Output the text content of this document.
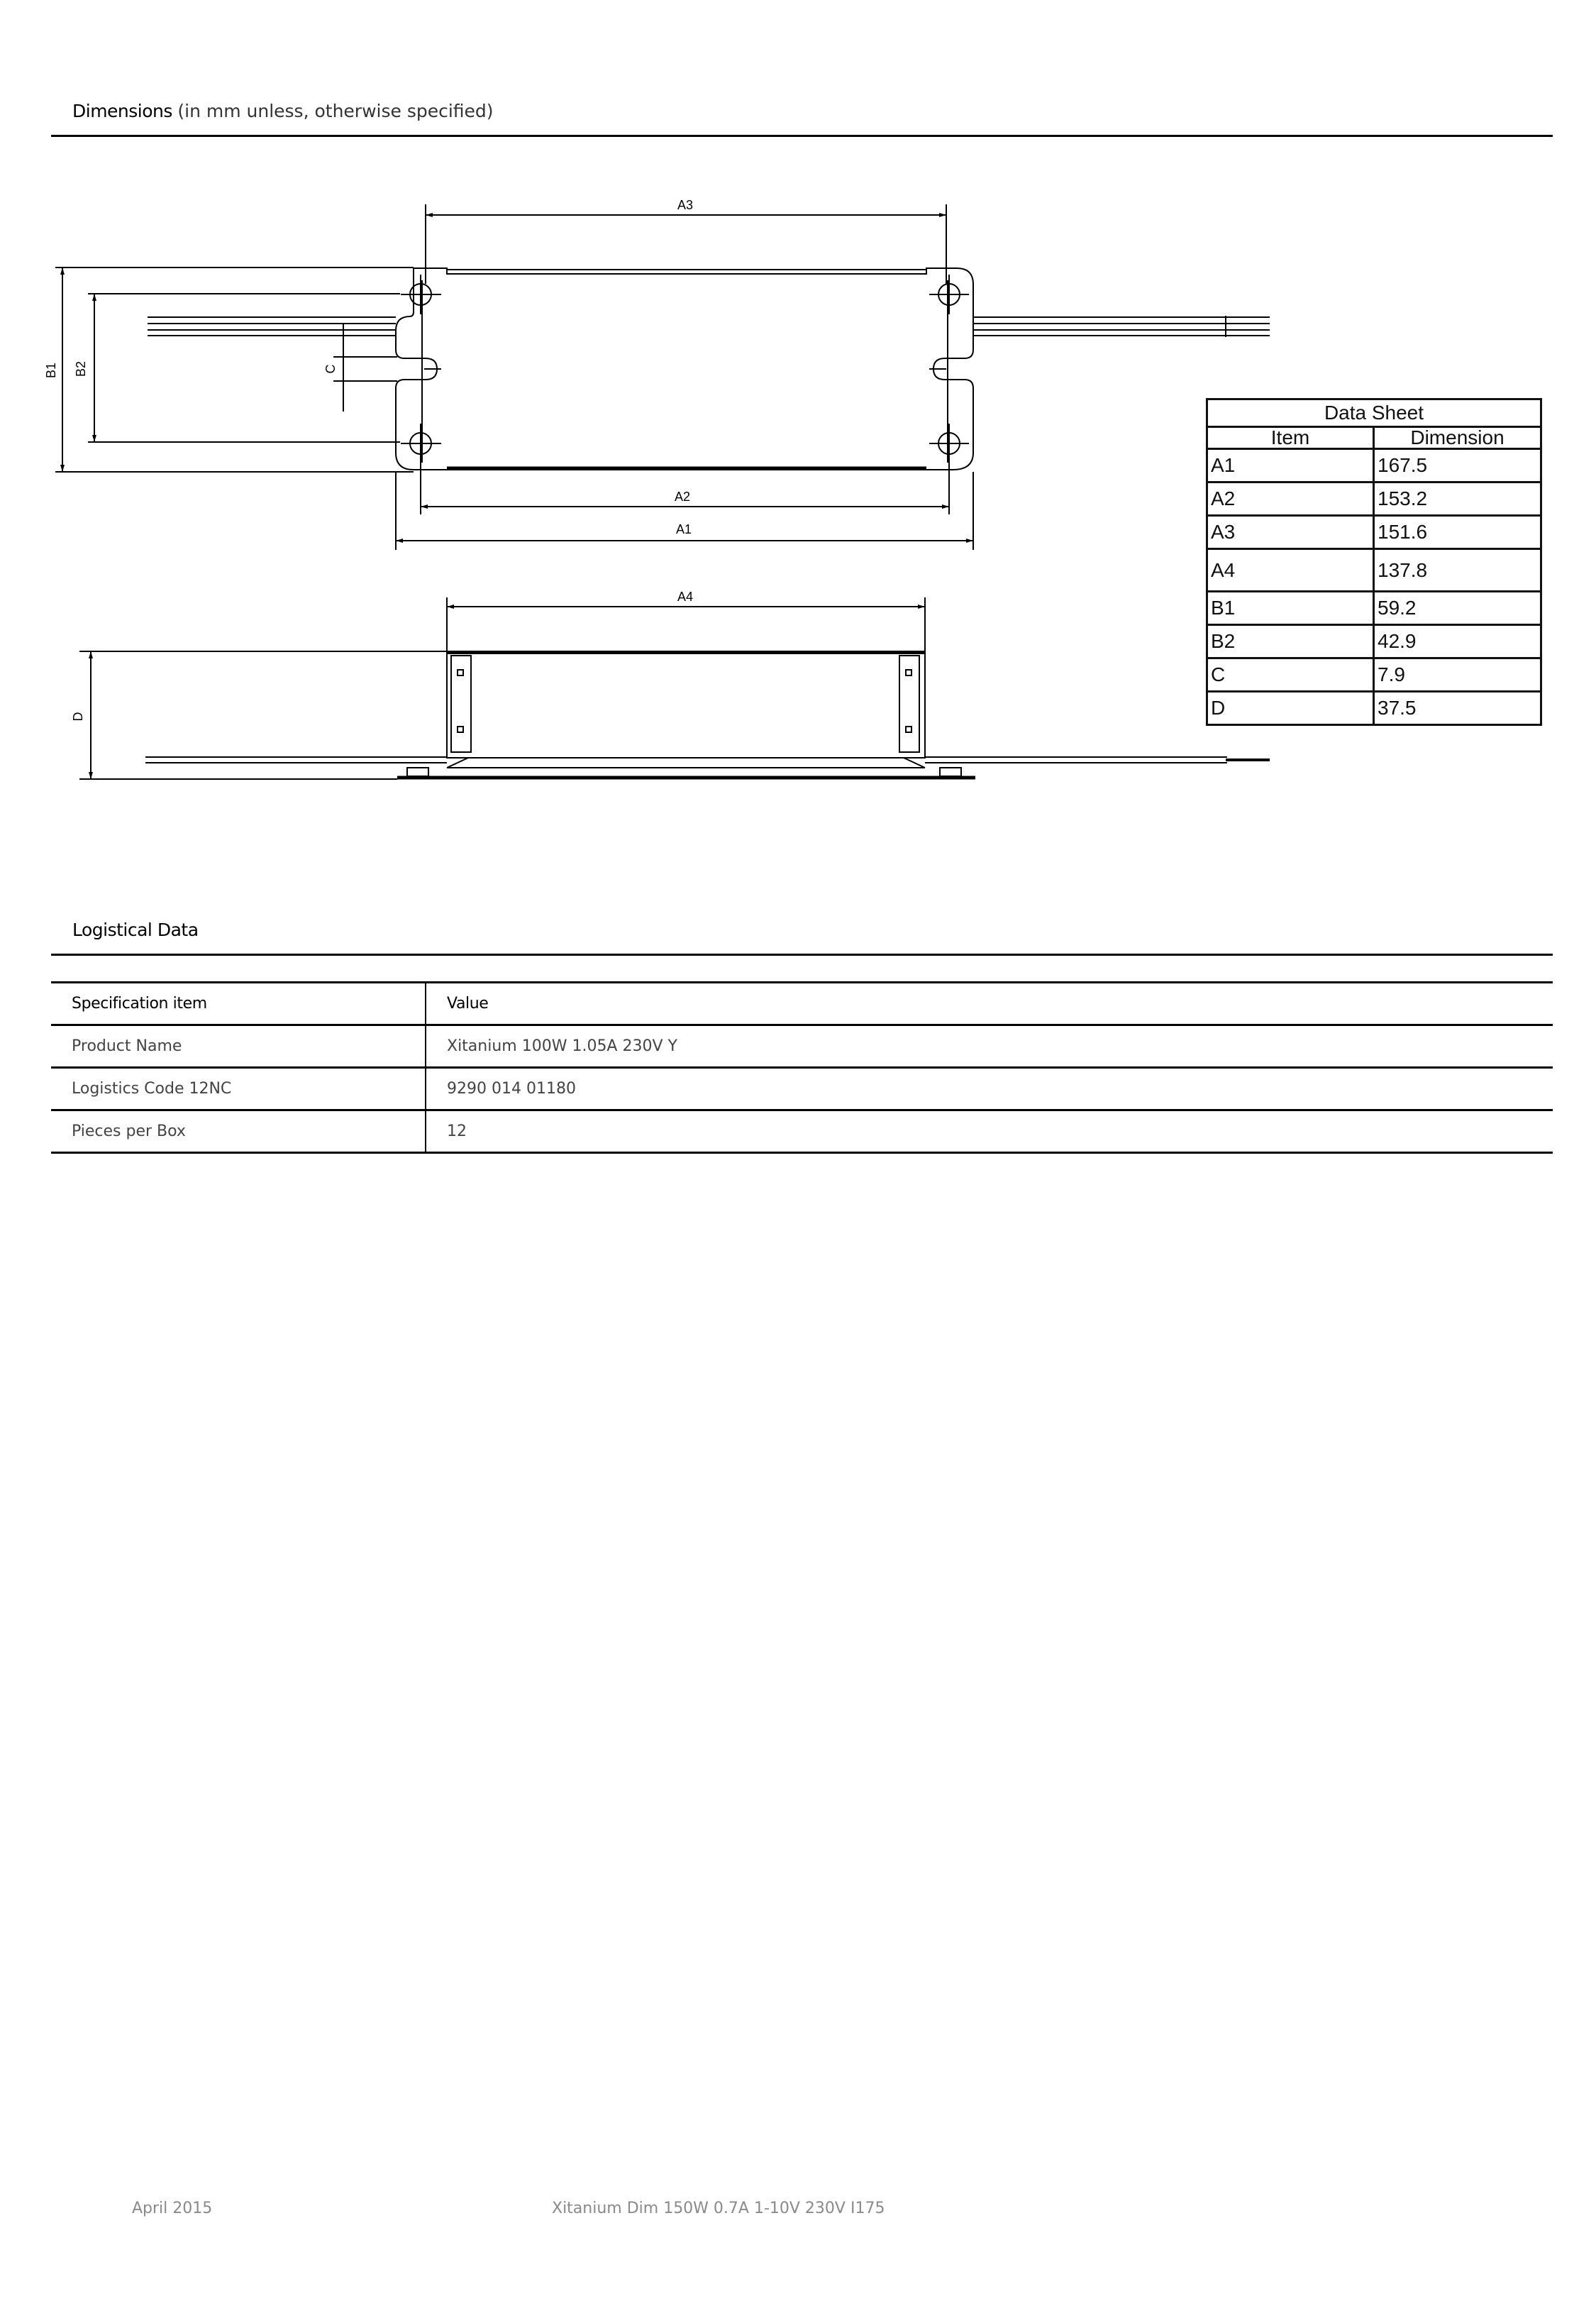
Dimensions (in mm unless, otherwise specified)
A3
A2
A1
A4
B1 B2	C
D
Data Sheet	
Item	Dimension
A1	167.5
A2	153.2
A3	151.6
A4	137.8
B1	59.2
B2	42.9
C	7.9
D	37.5
Logistical Data
Specification item	Value
Product Name	Xitanium 100W 1.05A 230V Y
Logistics Code 12NC	9290 014 01180
Pieces per Box	12
April 2015	Xitanium Dim 150W 0.7A 1-10V 230V I175
